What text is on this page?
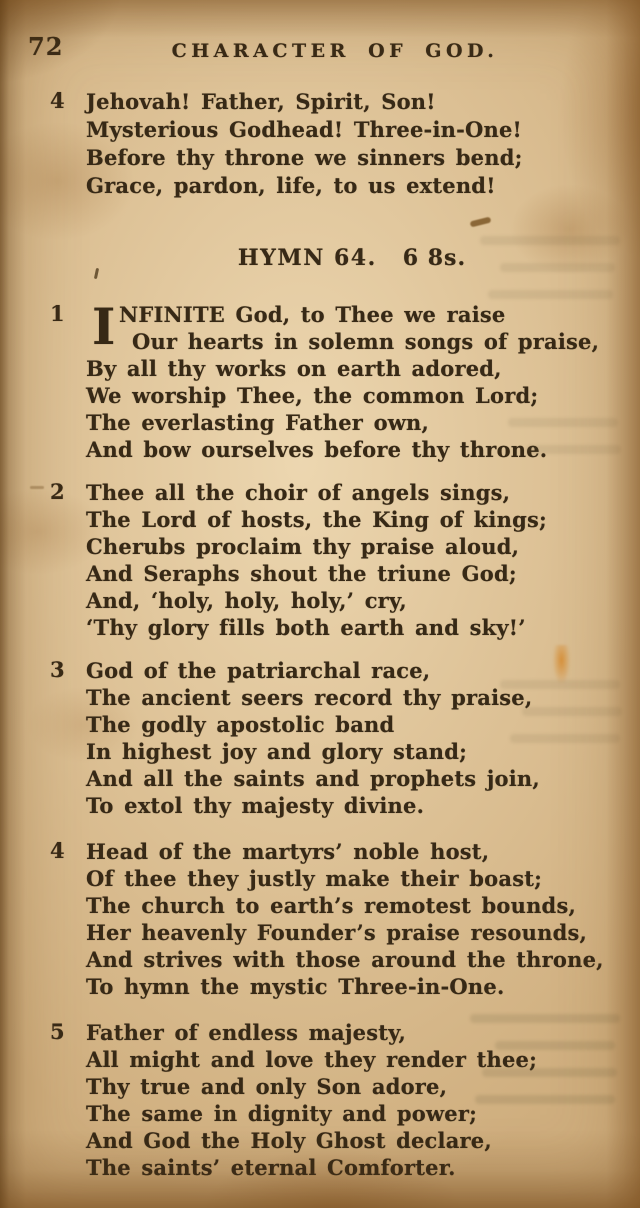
72	CHARACTER OF GOD.
4	Jehovah! Father, Spirit, Son!
Mysterious Godhead! Three-in-One!
Before thy throne we sinners bend;
Grace, pardon, life, to us extend!
HYMN 64. 6 8s.
1 I NFINITE God, to Thee we raise
Our hearts in solemn songs of praise,
By all thy works on earth adored,
We worship Thee, the common Lord;
The everlasting Father own,
And bow ourselves before thy throne.
2	Thee all the choir of angels sings,
The Lord of hosts, the King of kings;
Cherubs proclaim thy praise aloud,
And Seraphs shout the triune God;
And, ‘holy, holy, holy,’ cry,
‘Thy glory fills both earth and sky!’
3	God of the patriarchal race,
The ancient seers record thy praise,
The godly apostolic band
In highest joy and glory stand;
And all the saints and prophets join,
To extol thy majesty divine.
4	Head of the martyrs’ noble host,
Of thee they justly make their boast;
The church to earth’s remotest bounds,
Her heavenly Founder’s praise resounds,
And strives with those around the throne,
To hymn the mystic Three-in-One.
5	Father of endless majesty,
All might and love they render thee;
Thy true and only Son adore,
The same in dignity and power;
And God the Holy Ghost declare,
The saints’ eternal Comforter.
